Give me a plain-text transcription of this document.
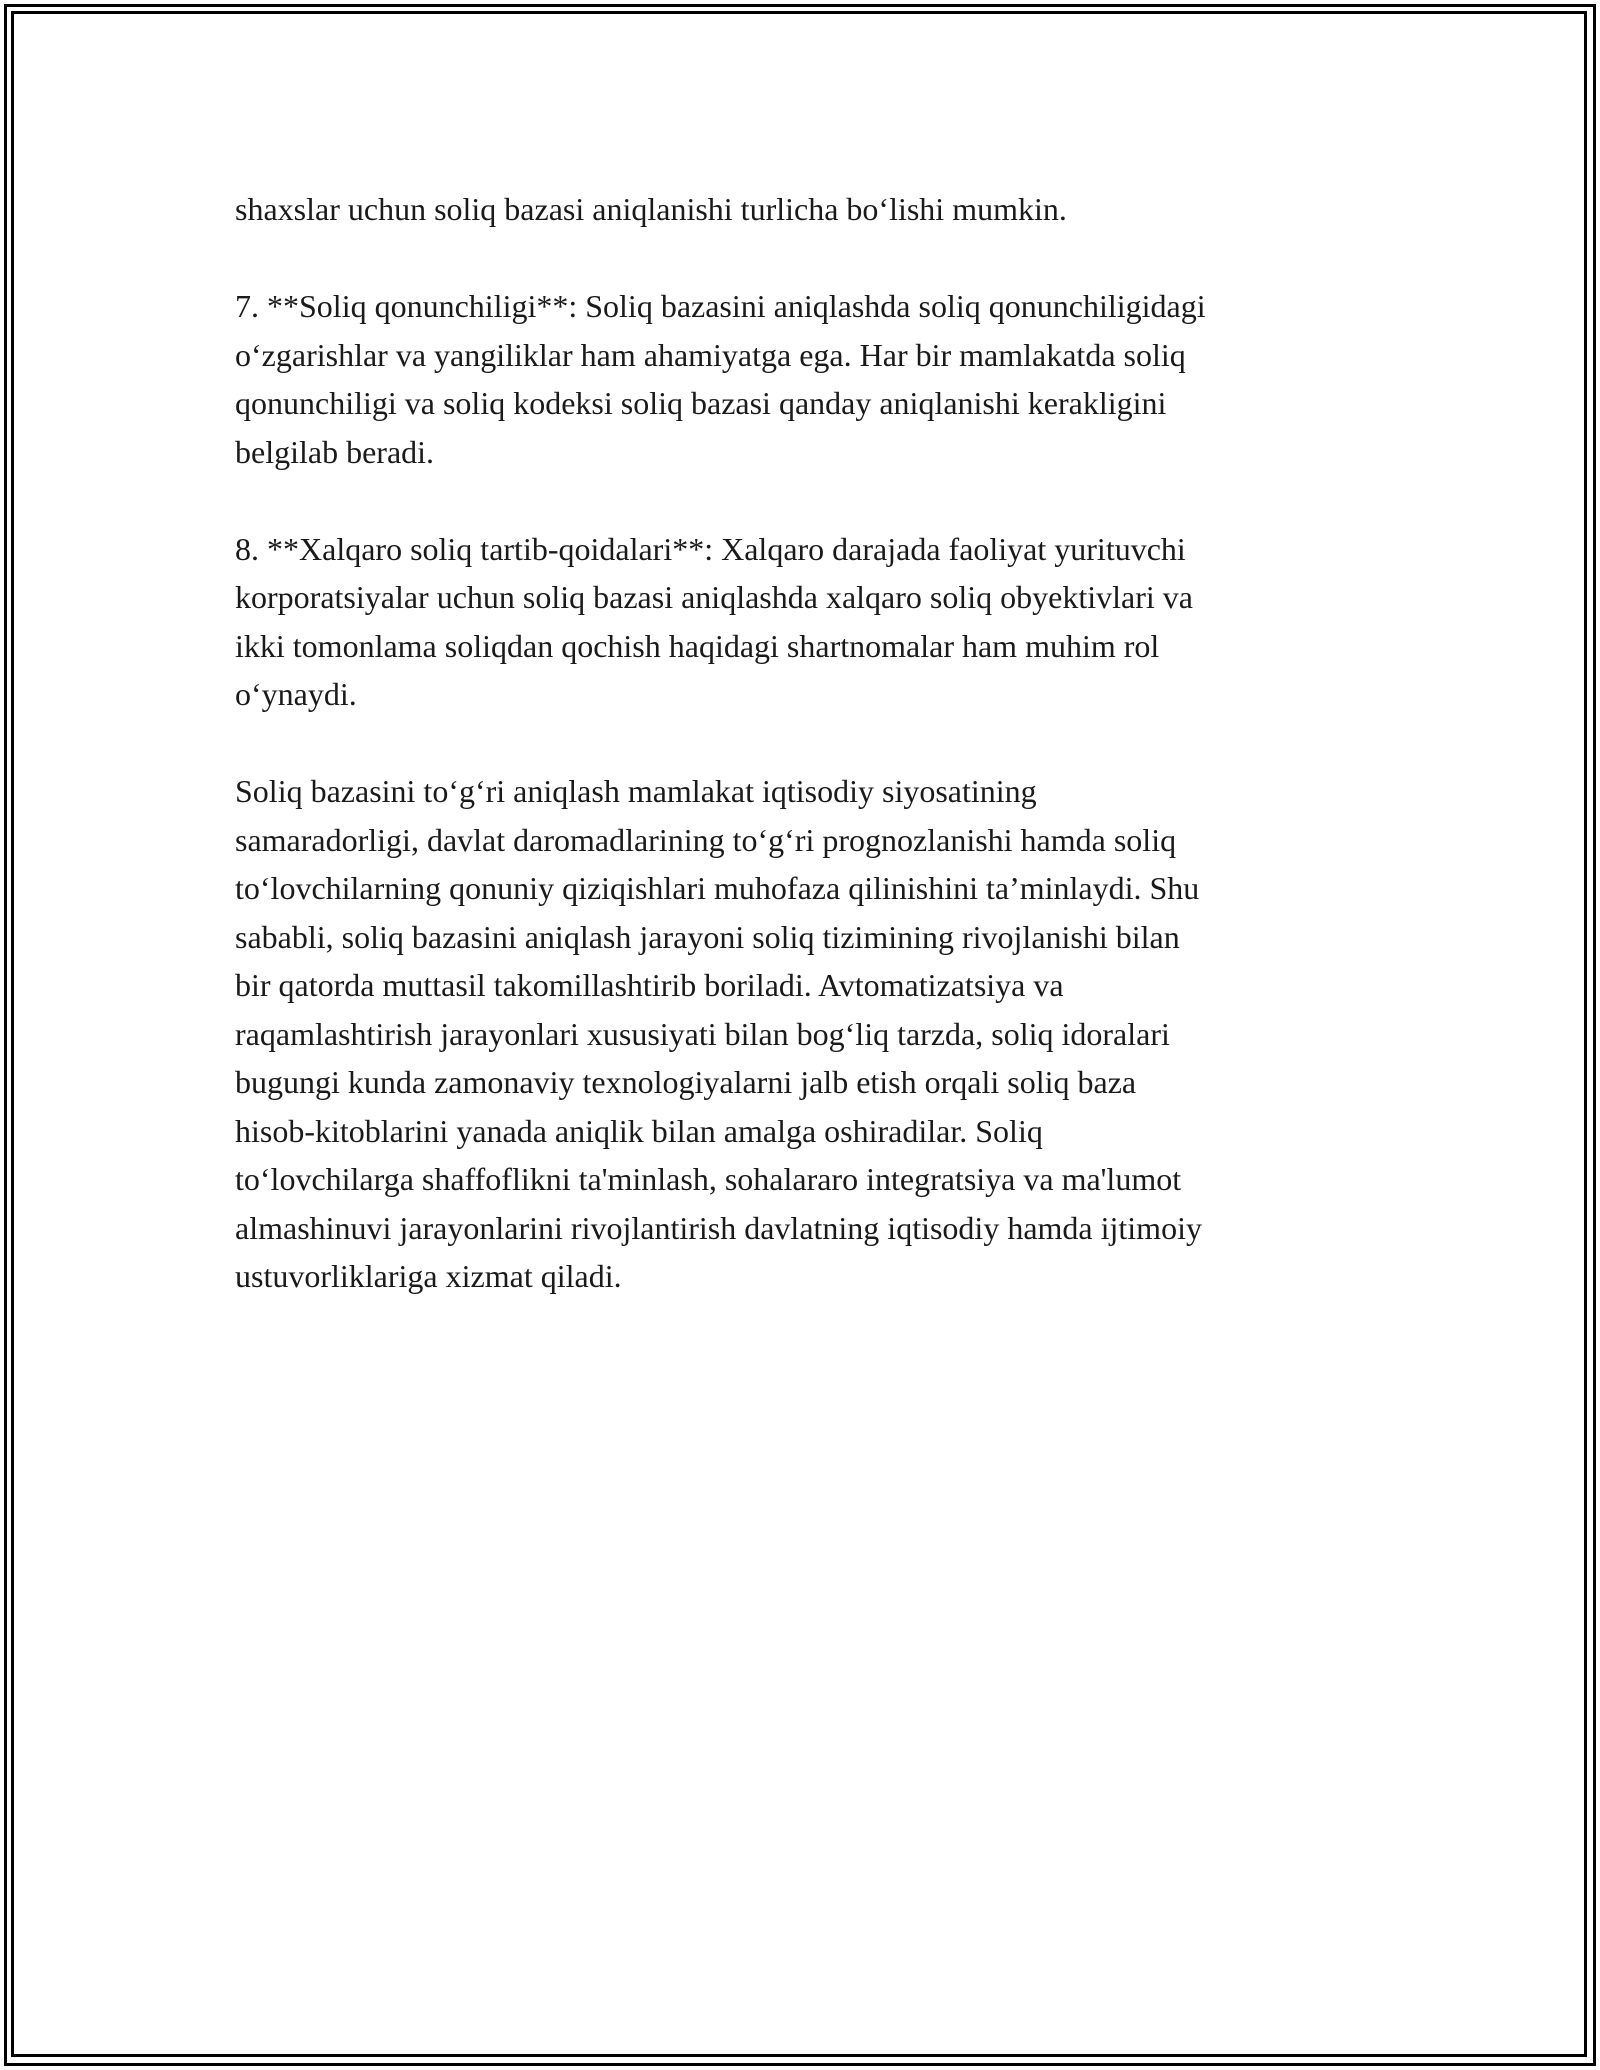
shaxslar uchun soliq bazasi aniqlanishi turlicha bo‘lishi mumkin.

7. **Soliq qonunchiligi**: Soliq bazasini aniqlashda soliq qonunchiligidagi
o‘zgarishlar va yangiliklar ham ahamiyatga ega. Har bir mamlakatda soliq
qonunchiligi va soliq kodeksi soliq bazasi qanday aniqlanishi kerakligini
belgilab beradi.

8. **Xalqaro soliq tartib-qoidalari**: Xalqaro darajada faoliyat yurituvchi
korporatsiyalar uchun soliq bazasi aniqlashda xalqaro soliq obyektivlari va
ikki tomonlama soliqdan qochish haqidagi shartnomalar ham muhim rol
o‘ynaydi.

Soliq bazasini to‘g‘ri aniqlash mamlakat iqtisodiy siyosatining
samaradorligi, davlat daromadlarining to‘g‘ri prognozlanishi hamda soliq
to‘lovchilarning qonuniy qiziqishlari muhofaza qilinishini ta’minlaydi. Shu
sababli, soliq bazasini aniqlash jarayoni soliq tizimining rivojlanishi bilan
bir qatorda muttasil takomillashtirib boriladi. Avtomatizatsiya va
raqamlashtirish jarayonlari xususiyati bilan bog‘liq tarzda, soliq idoralari
bugungi kunda zamonaviy texnologiyalarni jalb etish orqali soliq baza
hisob-kitoblarini yanada aniqlik bilan amalga oshiradilar. Soliq
to‘lovchilarga shaffoflikni ta'minlash, sohalararo integratsiya va ma'lumot
almashinuvi jarayonlarini rivojlantirish davlatning iqtisodiy hamda ijtimoiy
ustuvorliklariga xizmat qiladi.
